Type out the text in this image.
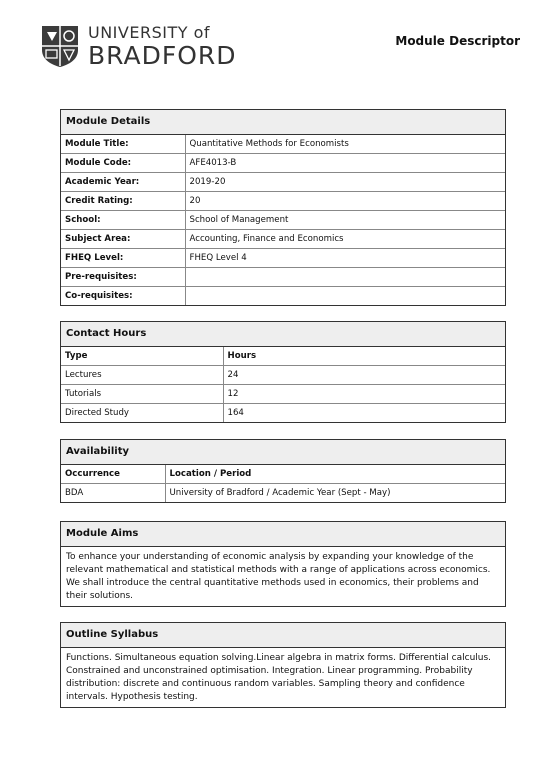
UNIVERSITY of
BRADFORD	Module Descriptor
Module Details
Module Title:	Quantitative Methods for Economists
Module Code:	AFE4013-B
Academic Year:	2019-20
Credit Rating:	20
School:	School of Management
Subject Area:	Accounting, Finance and Economics
FHEQ Level:	FHEQ Level 4
Pre-requisites:	
Co-requisites:	
Contact Hours
Type	Hours
Lectures	24
Tutorials	12
Directed Study	164
Availability
Occurrence	Location / Period
BDA	University of Bradford / Academic Year (Sept - May)
Module Aims
To enhance your understanding of economic analysis by expanding your knowledge of the relevant mathematical and statistical methods with a range of applications across economics. We shall introduce the central quantitative methods used in economics, their problems and their solutions.
Outline Syllabus
Functions. Simultaneous equation solving.Linear algebra in matrix forms. Differential calculus. Constrained and unconstrained optimisation. Integration. Linear programming. Probability distribution: discrete and continuous random variables. Sampling theory and confidence intervals. Hypothesis testing.
